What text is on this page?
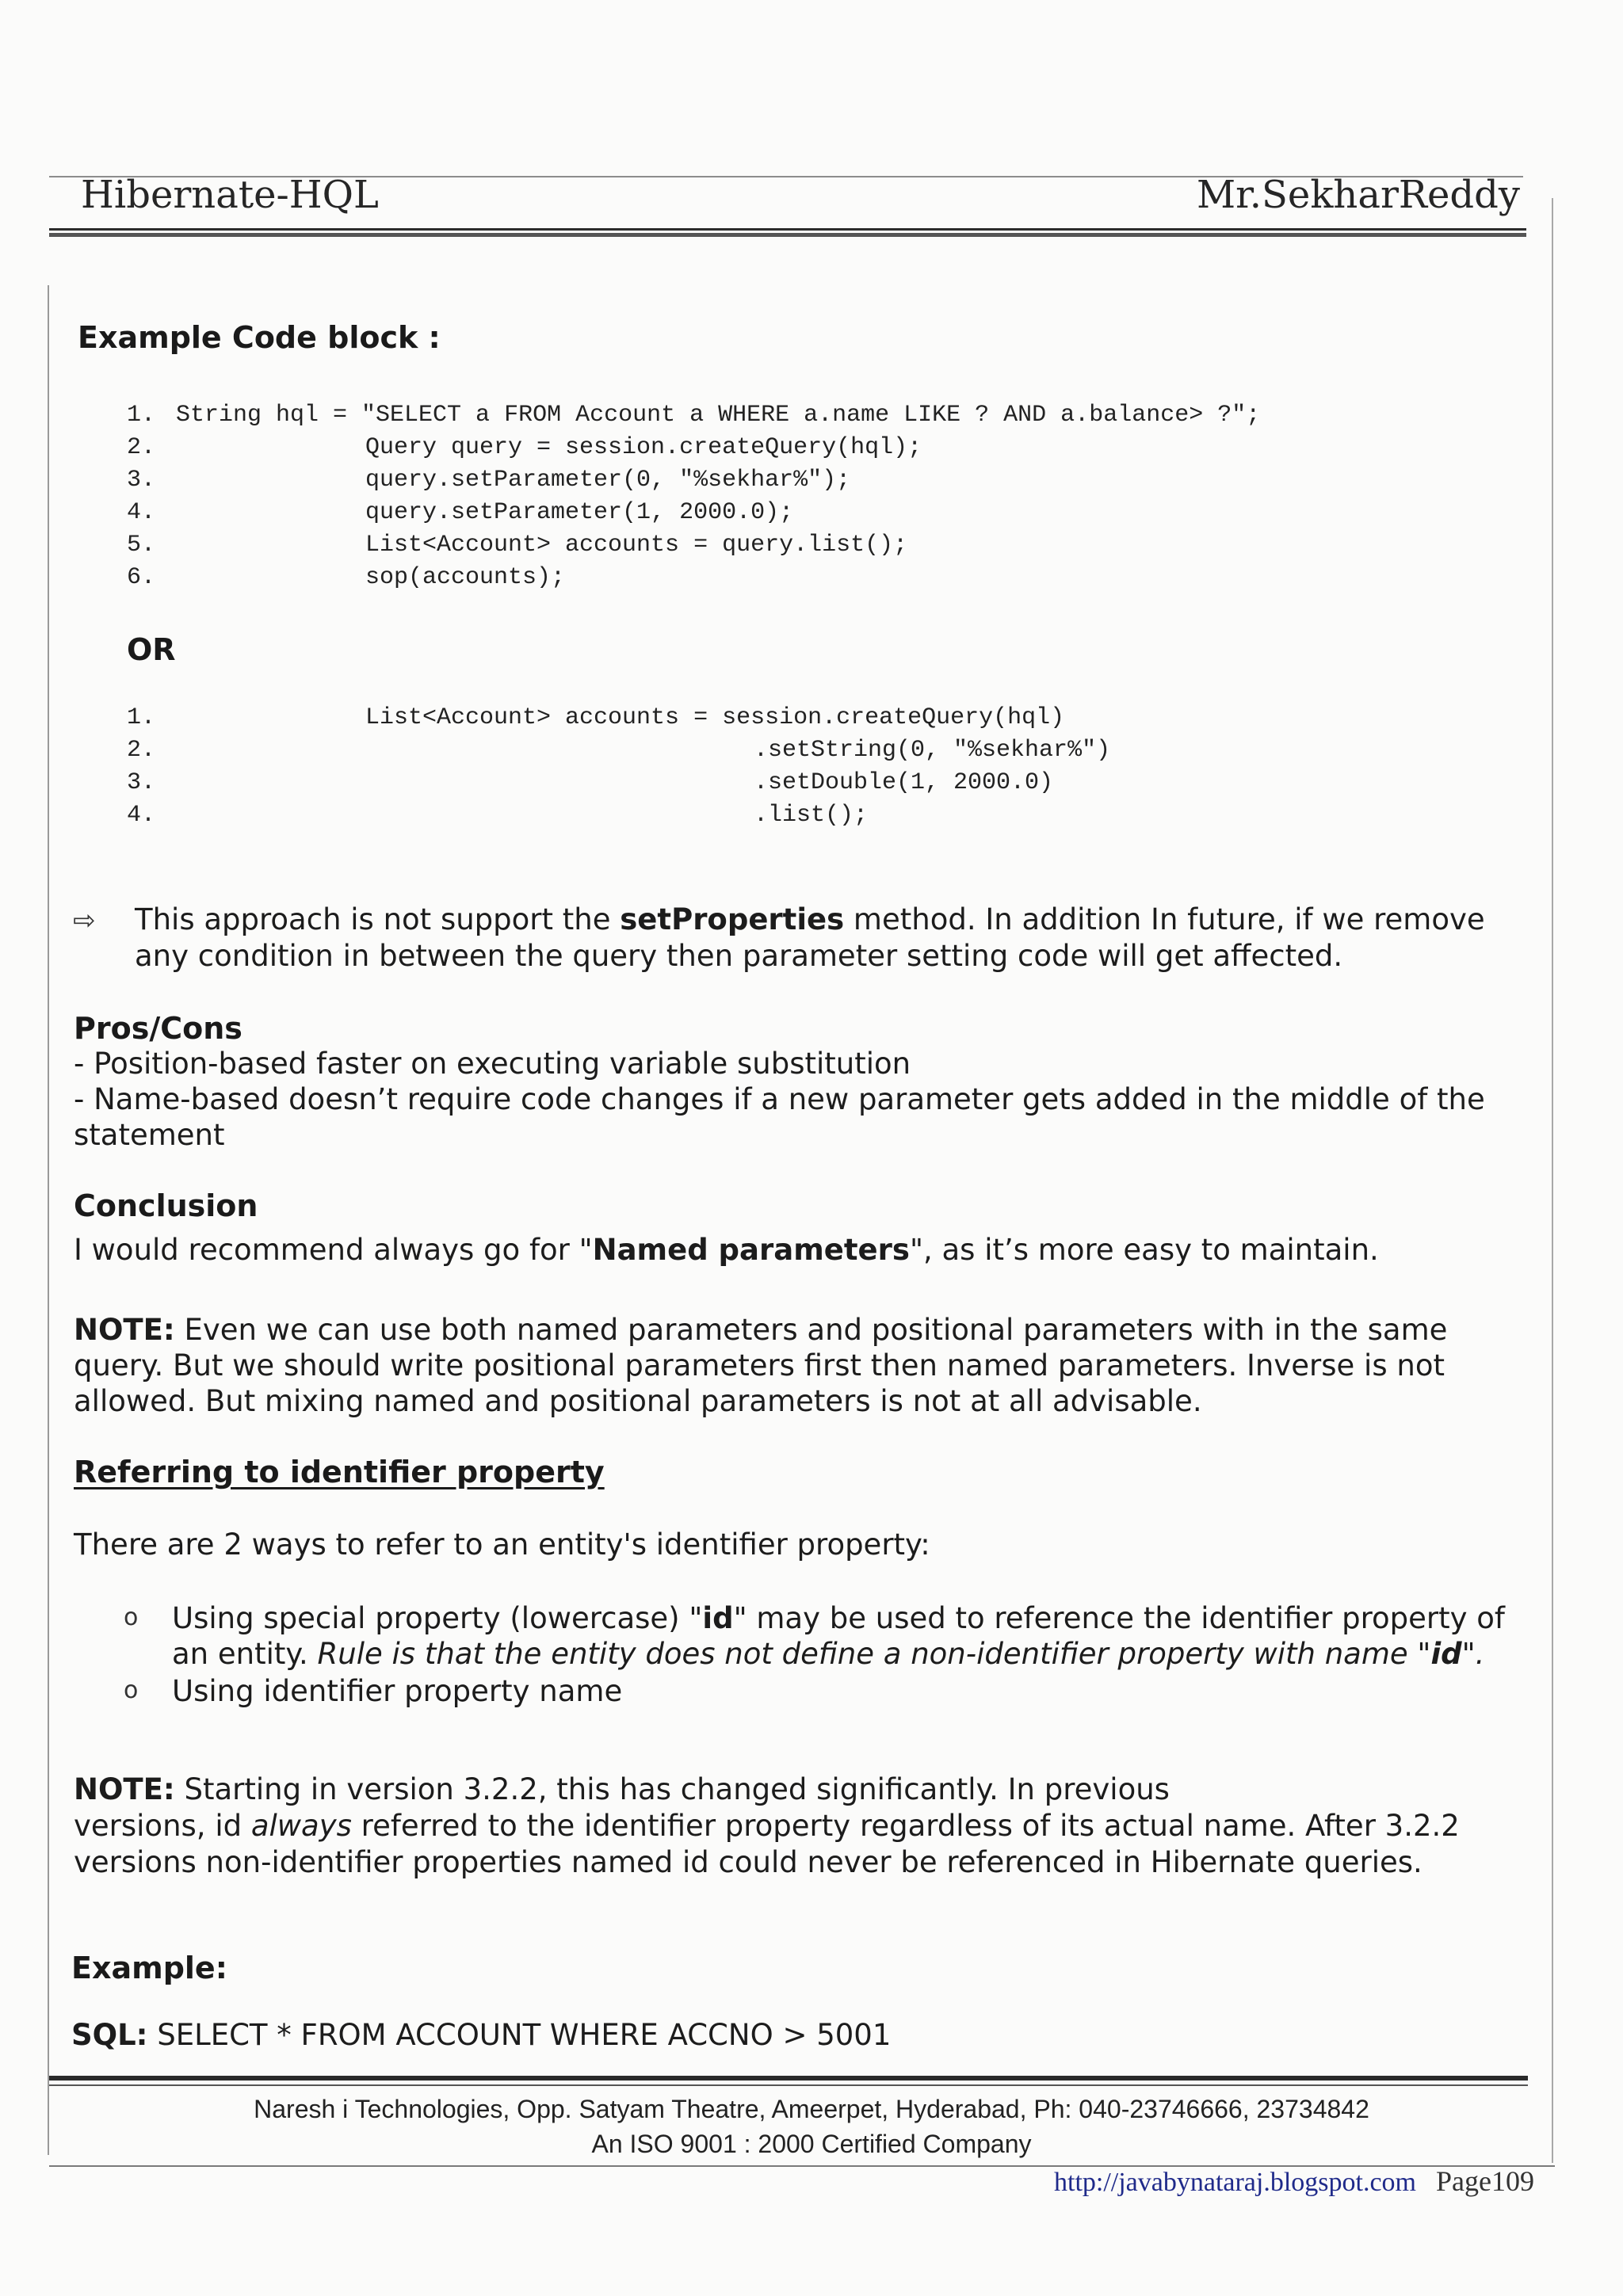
Hibernate-HQL	Mr.SekharReddy
Example Code block :
1. String hql = "SELECT a FROM Account a WHERE a.name LIKE ? AND a.balance> ?";
2.	Query query = session.createQuery(hql);
3.	query.setParameter(0, "%sekhar%");
4.	query.setParameter(1, 2000.0);
5.	List<Account> accounts = query.list();
6.	sop(accounts);
OR
1.	List<Account> accounts = session.createQuery(hql)
2.	.setString(0, "%sekhar%")
3.	.setDouble(1, 2000.0)
4.	.list();
⇨ This approach is not support the setProperties method. In addition In future, if we remove
any condition in between the query then parameter setting code will get affected.
Pros/Cons
- Position-based faster on executing variable substitution
- Name-based doesn’t require code changes if a new parameter gets added in the middle of the
statement
Conclusion
I would recommend always go for "Named parameters", as it’s more easy to maintain.
NOTE: Even we can use both named parameters and positional parameters with in the same
query. But we should write positional parameters first then named parameters. Inverse is not
allowed. But mixing named and positional parameters is not at all advisable.
Referring to identifier property
There are 2 ways to refer to an entity's identifier property:
o Using special property (lowercase) "id" may be used to reference the identifier property of
an entity. Rule is that the entity does not define a non-identifier property with name "id".
o Using identifier property name
NOTE: Starting in version 3.2.2, this has changed significantly. In previous
versions, id always referred to the identifier property regardless of its actual name. After 3.2.2
versions non-identifier properties named id could never be referenced in Hibernate queries.
Example:
SQL: SELECT * FROM ACCOUNT WHERE ACCNO > 5001
Naresh i Technologies, Opp. Satyam Theatre, Ameerpet, Hyderabad, Ph: 040-23746666, 23734842
An ISO 9001 : 2000 Certified Company
http://javabynataraj.blogspot.com Page109
